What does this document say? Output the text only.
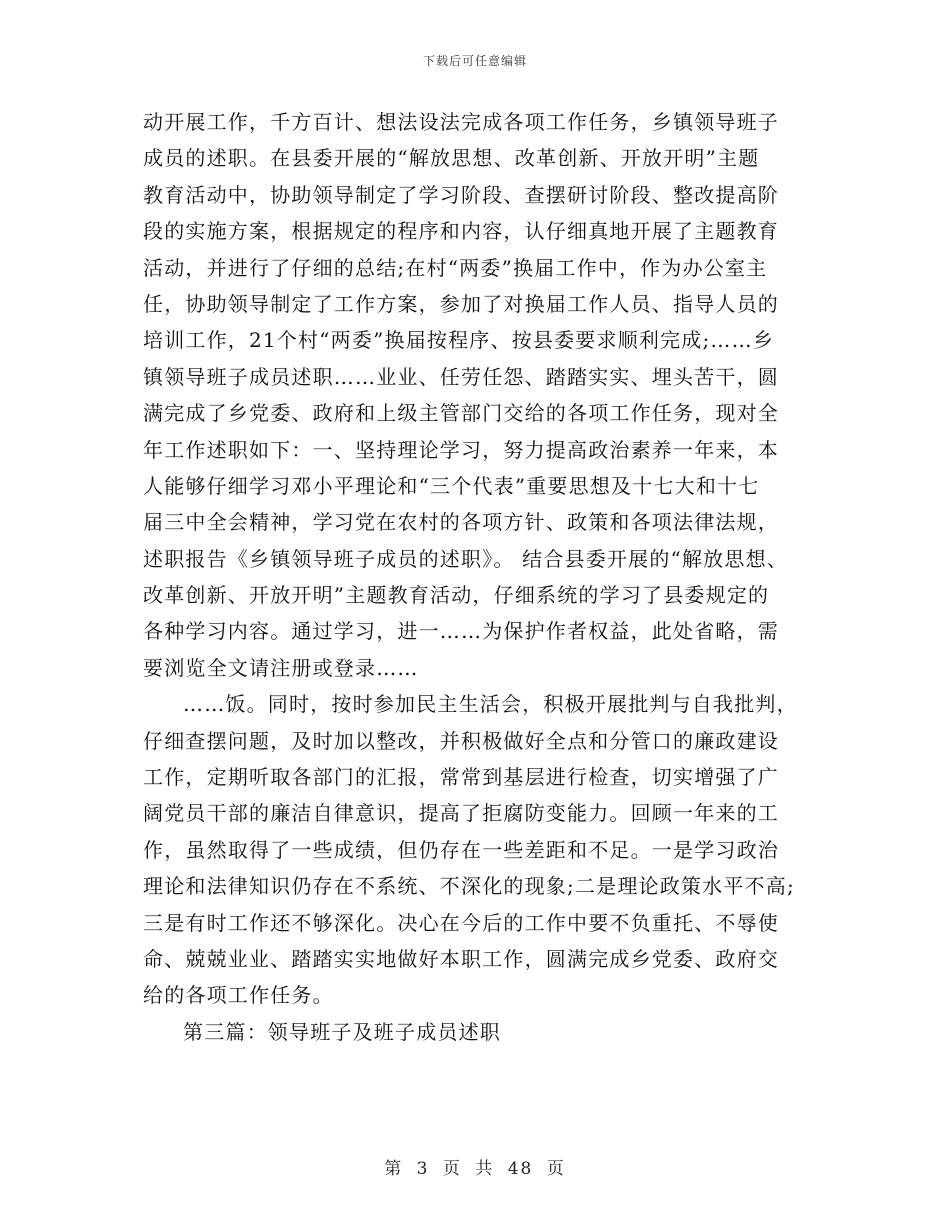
下载后可任意编辑
动开展工作，千方百计、想法设法完成各项工作任务，乡镇领导班子
成员的述职。在县委开展的“解放思想、改革创新、开放开明”主题
教育活动中，协助领导制定了学习阶段、查摆研讨阶段、整改提高阶
段的实施方案，根据规定的程序和内容，认仔细真地开展了主题教育
活动，并进行了仔细的总结;在村“两委”换届工作中，作为办公室主
任，协助领导制定了工作方案，参加了对换届工作人员、指导人员的
培训工作，21个村“两委”换届按程序、按县委要求顺利完成;……乡
镇领导班子成员述职……业业、任劳任怨、踏踏实实、埋头苦干，圆
满完成了乡党委、政府和上级主管部门交给的各项工作任务，现对全
年工作述职如下：一、坚持理论学习，努力提高政治素养一年来，本
人能够仔细学习邓小平理论和“三个代表”重要思想及十七大和十七
届三中全会精神，学习党在农村的各项方针、政策和各项法律法规，
述职报告《乡镇领导班子成员的述职》。 结合县委开展的“解放思想、
改革创新、开放开明”主题教育活动，仔细系统的学习了县委规定的
各种学习内容。通过学习，进一……为保护作者权益，此处省略，需
要浏览全文请注册或登录……
……饭。同时，按时参加民主生活会，积极开展批判与自我批判，
仔细查摆问题，及时加以整改，并积极做好全点和分管口的廉政建设
工作，定期听取各部门的汇报，常常到基层进行检查，切实增强了广
阔党员干部的廉洁自律意识，提高了拒腐防变能力。回顾一年来的工
作，虽然取得了一些成绩，但仍存在一些差距和不足。一是学习政治
理论和法律知识仍存在不系统、不深化的现象;二是理论政策水平不高;
三是有时工作还不够深化。决心在今后的工作中要不负重托、不辱使
命、兢兢业业、踏踏实实地做好本职工作，圆满完成乡党委、政府交
给的各项工作任务。
第三篇：领导班子及班子成员述职
第 3 页 共 48 页
